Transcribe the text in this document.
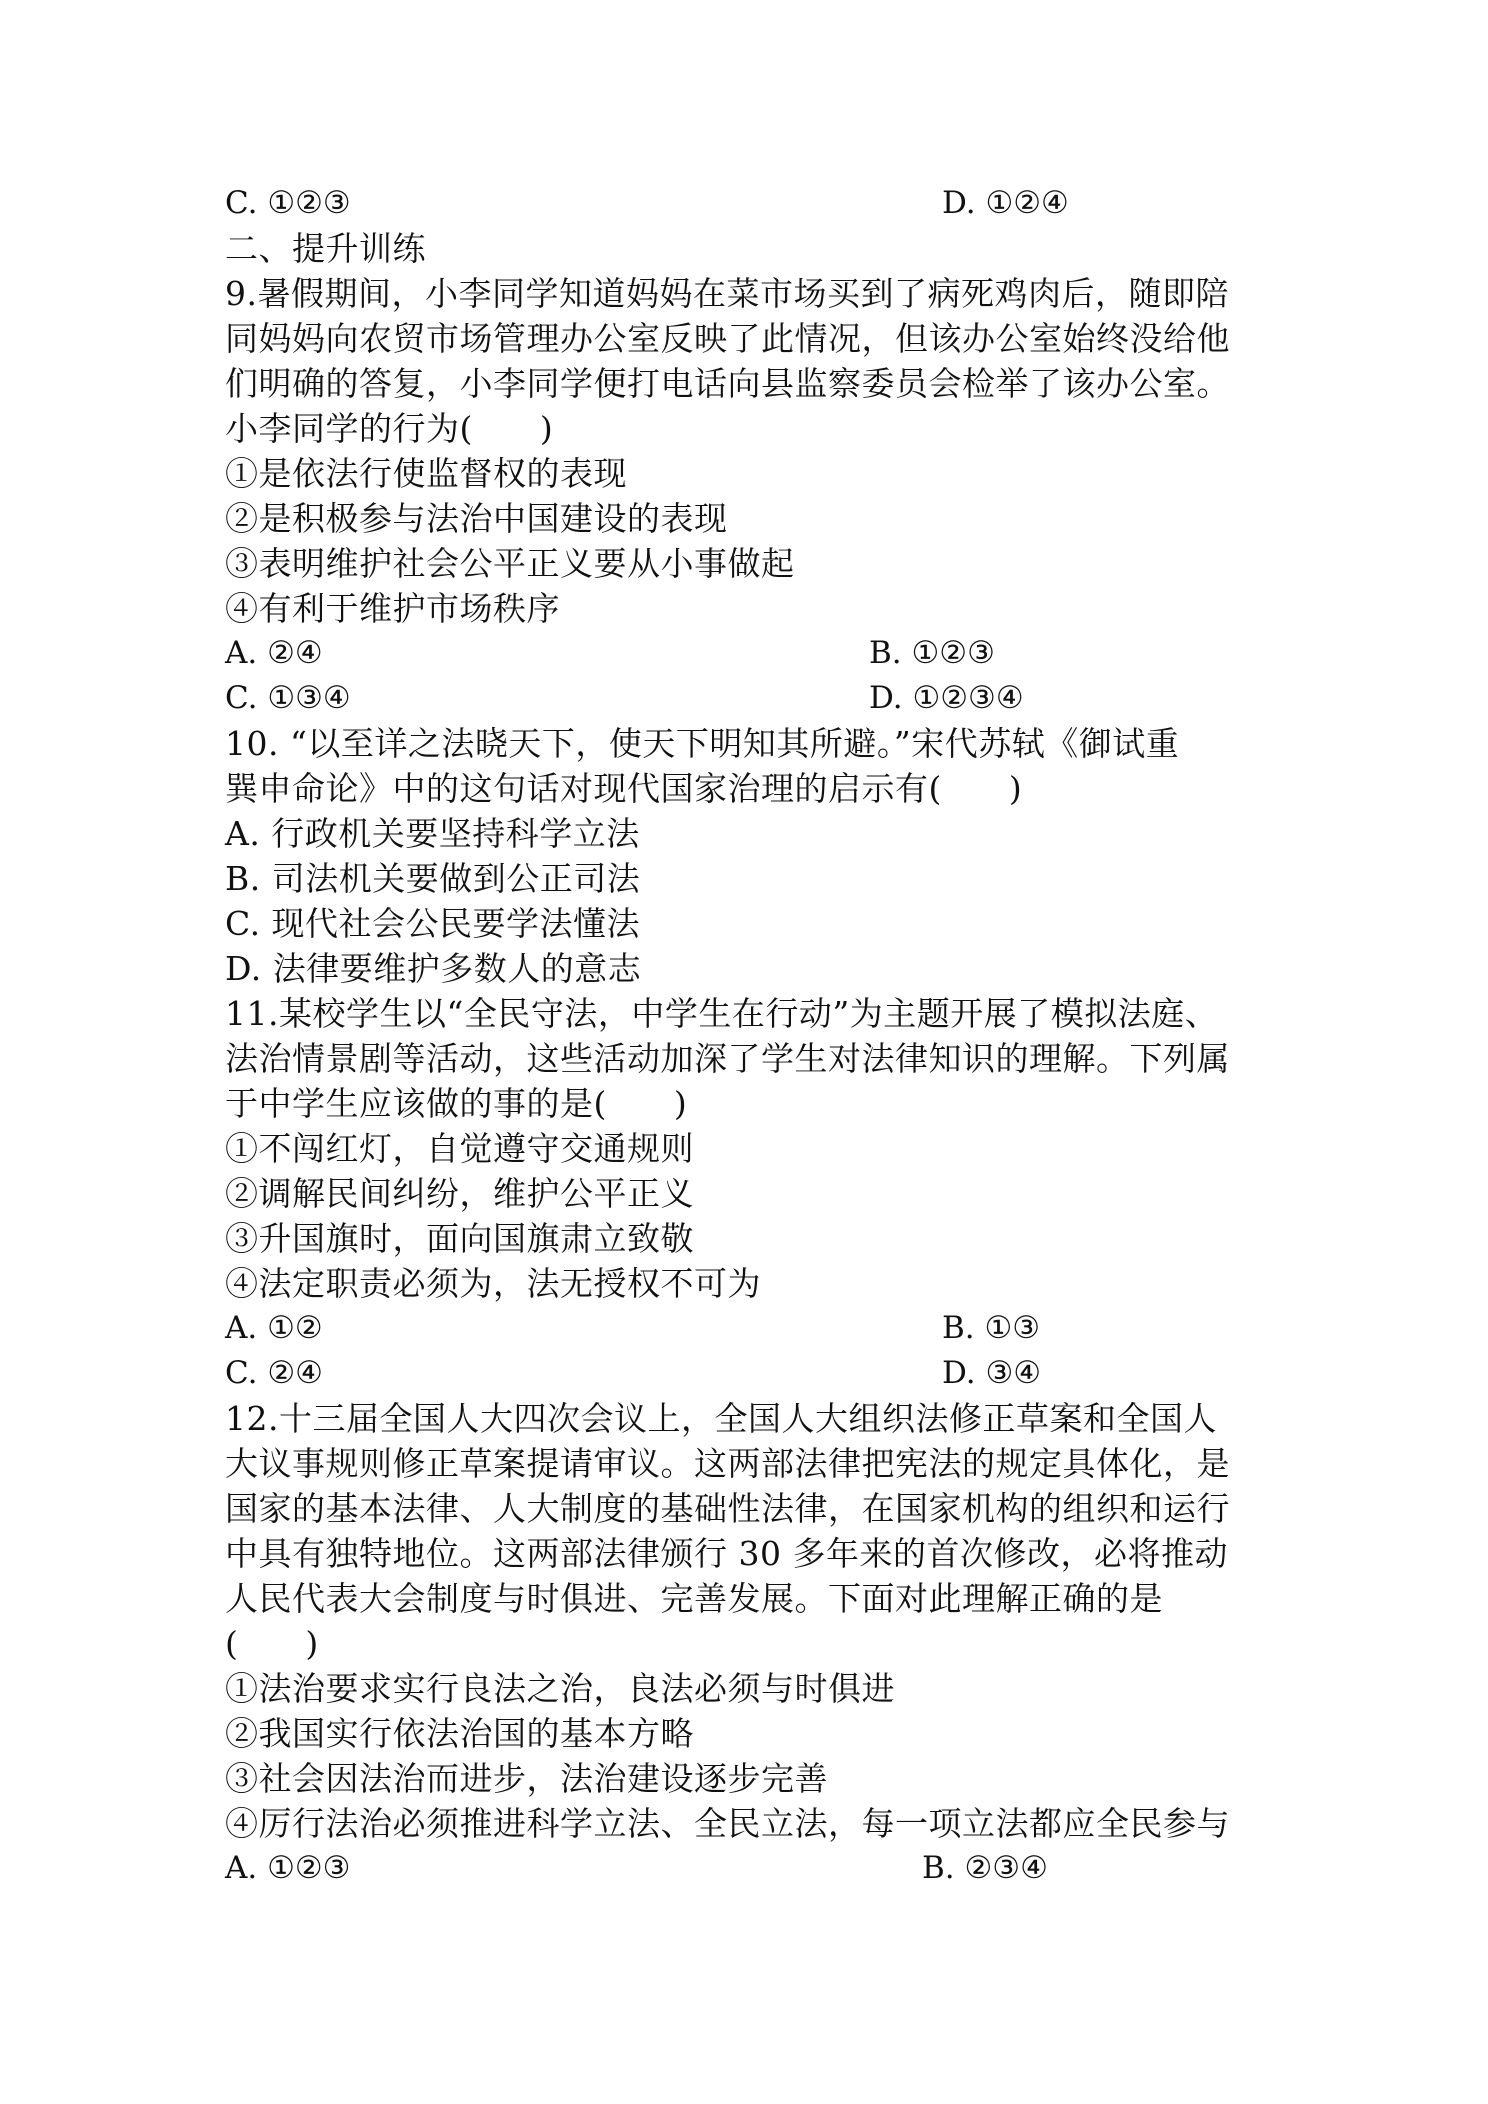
C. ①②③	D. ①②④
二、提升训练
9.暑假期间，小李同学知道妈妈在菜市场买到了病死鸡肉后，随即陪
同妈妈向农贸市场管理办公室反映了此情况，但该办公室始终没给他
们明确的答复，小李同学便打电话向县监察委员会检举了该办公室。
小李同学的行为(　　)
①是依法行使监督权的表现
②是积极参与法治中国建设的表现
③表明维护社会公平正义要从小事做起
④有利于维护市场秩序
A. ②④	B. ①②③
C. ①③④	D. ①②③④
10. “以至详之法晓天下，使天下明知其所避。”宋代苏轼《御试重
巽申命论》中的这句话对现代国家治理的启示有(　　)
A. 行政机关要坚持科学立法
B. 司法机关要做到公正司法
C. 现代社会公民要学法懂法
D. 法律要维护多数人的意志
11.某校学生以“全民守法，中学生在行动”为主题开展了模拟法庭、
法治情景剧等活动，这些活动加深了学生对法律知识的理解。下列属
于中学生应该做的事的是(　　)
①不闯红灯，自觉遵守交通规则
②调解民间纠纷，维护公平正义
③升国旗时，面向国旗肃立致敬
④法定职责必须为，法无授权不可为
A. ①②	B. ①③
C. ②④	D. ③④
12.十三届全国人大四次会议上，全国人大组织法修正草案和全国人
大议事规则修正草案提请审议。这两部法律把宪法的规定具体化，是
国家的基本法律、人大制度的基础性法律，在国家机构的组织和运行
中具有独特地位。这两部法律颁行 30 多年来的首次修改，必将推动
人民代表大会制度与时俱进、完善发展。下面对此理解正确的是
(　　)
①法治要求实行良法之治，良法必须与时俱进
②我国实行依法治国的基本方略
③社会因法治而进步，法治建设逐步完善
④厉行法治必须推进科学立法、全民立法，每一项立法都应全民参与
A. ①②③	B. ②③④
